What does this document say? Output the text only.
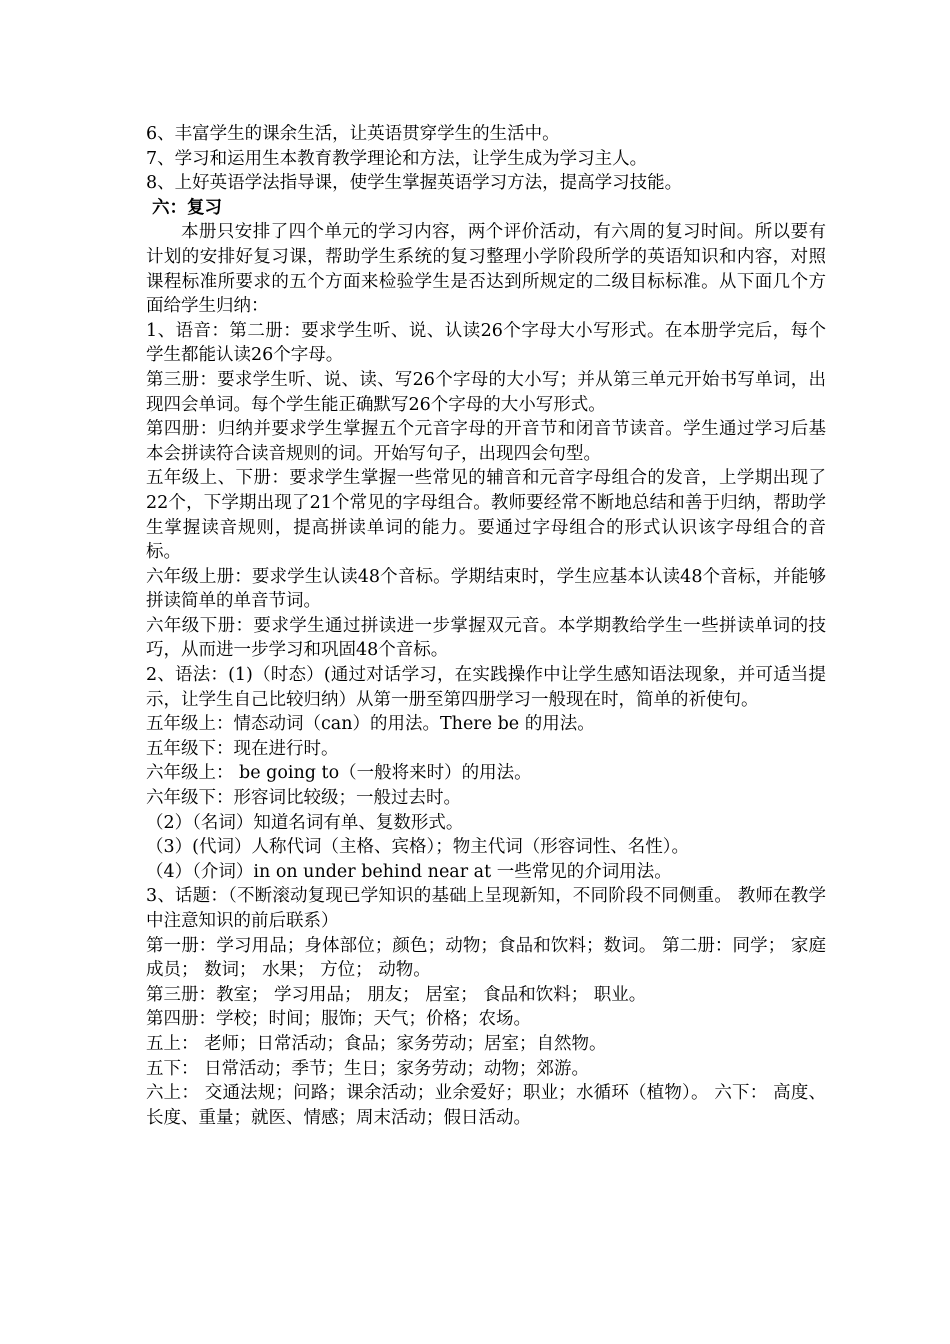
6、丰富学生的课余生活，让英语贯穿学生的生活中。

7、学习和运用生本教育教学理论和方法，让学生成为学习主人。

8、上好英语学法指导课，使学生掌握英语学习方法，提高学习技能。

六：复习

本册只安排了四个单元的学习内容，两个评价活动，有六周的复习时间。所以要有计划的安排好复习课，帮助学生系统的复习整理小学阶段所学的英语知识和内容，对照课程标准所要求的五个方面来检验学生是否达到所规定的二级目标标准。从下面几个方面给学生归纳：

1、语音：第二册：要求学生听、说、认读26个字母大小写形式。在本册学完后，每个学生都能认读26个字母。

第三册：要求学生听、说、读、写26个字母的大小写；并从第三单元开始书写单词，出现四会单词。每个学生能正确默写26个字母的大小写形式。

第四册：归纳并要求学生掌握五个元音字母的开音节和闭音节读音。学生通过学习后基本会拼读符合读音规则的词。开始写句子，出现四会句型。

五年级上、下册：要求学生掌握一些常见的辅音和元音字母组合的发音，上学期出现了22个，下学期出现了21个常见的字母组合。教师要经常不断地总结和善于归纳，帮助学生掌握读音规则，提高拼读单词的能力。要通过字母组合的形式认识该字母组合的音标。

六年级上册：要求学生认读48个音标。学期结束时，学生应基本认读48个音标，并能够拼读简单的单音节词。

六年级下册：要求学生通过拼读进一步掌握双元音。本学期教给学生一些拼读单词的技巧，从而进一步学习和巩固48个音标。

2、语法：(1)（时态）(通过对话学习，在实践操作中让学生感知语法现象，并可适当提示，让学生自己比较归纳）从第一册至第四册学习一般现在时，简单的祈使句。

五年级上：情态动词（can）的用法。There be 的用法。

五年级下：现在进行时。

六年级上： be going to（一般将来时）的用法。

六年级下：形容词比较级；一般过去时。

（2）（名词）知道名词有单、复数形式。

（3）(代词）人称代词（主格、宾格）；物主代词（形容词性、名性）。

（4）（介词）in on under behind near at 一些常见的介词用法。

3、话题：（不断滚动复现已学知识的基础上呈现新知，不同阶段不同侧重。 教师在教学中注意知识的前后联系）

第一册：学习用品；身体部位；颜色；动物；食品和饮料；数词。 第二册：同学； 家庭成员； 数词； 水果； 方位； 动物。

第三册：教室； 学习用品； 朋友； 居室； 食品和饮料； 职业。

第四册：学校；时间；服饰；天气；价格；农场。

五上： 老师；日常活动；食品；家务劳动；居室；自然物。

五下： 日常活动；季节；生日；家务劳动；动物；郊游。

六上： 交通法规；问路；课余活动；业余爱好；职业；水循环（植物）。 六下： 高度、长度、重量；就医、情感；周末活动；假日活动。
